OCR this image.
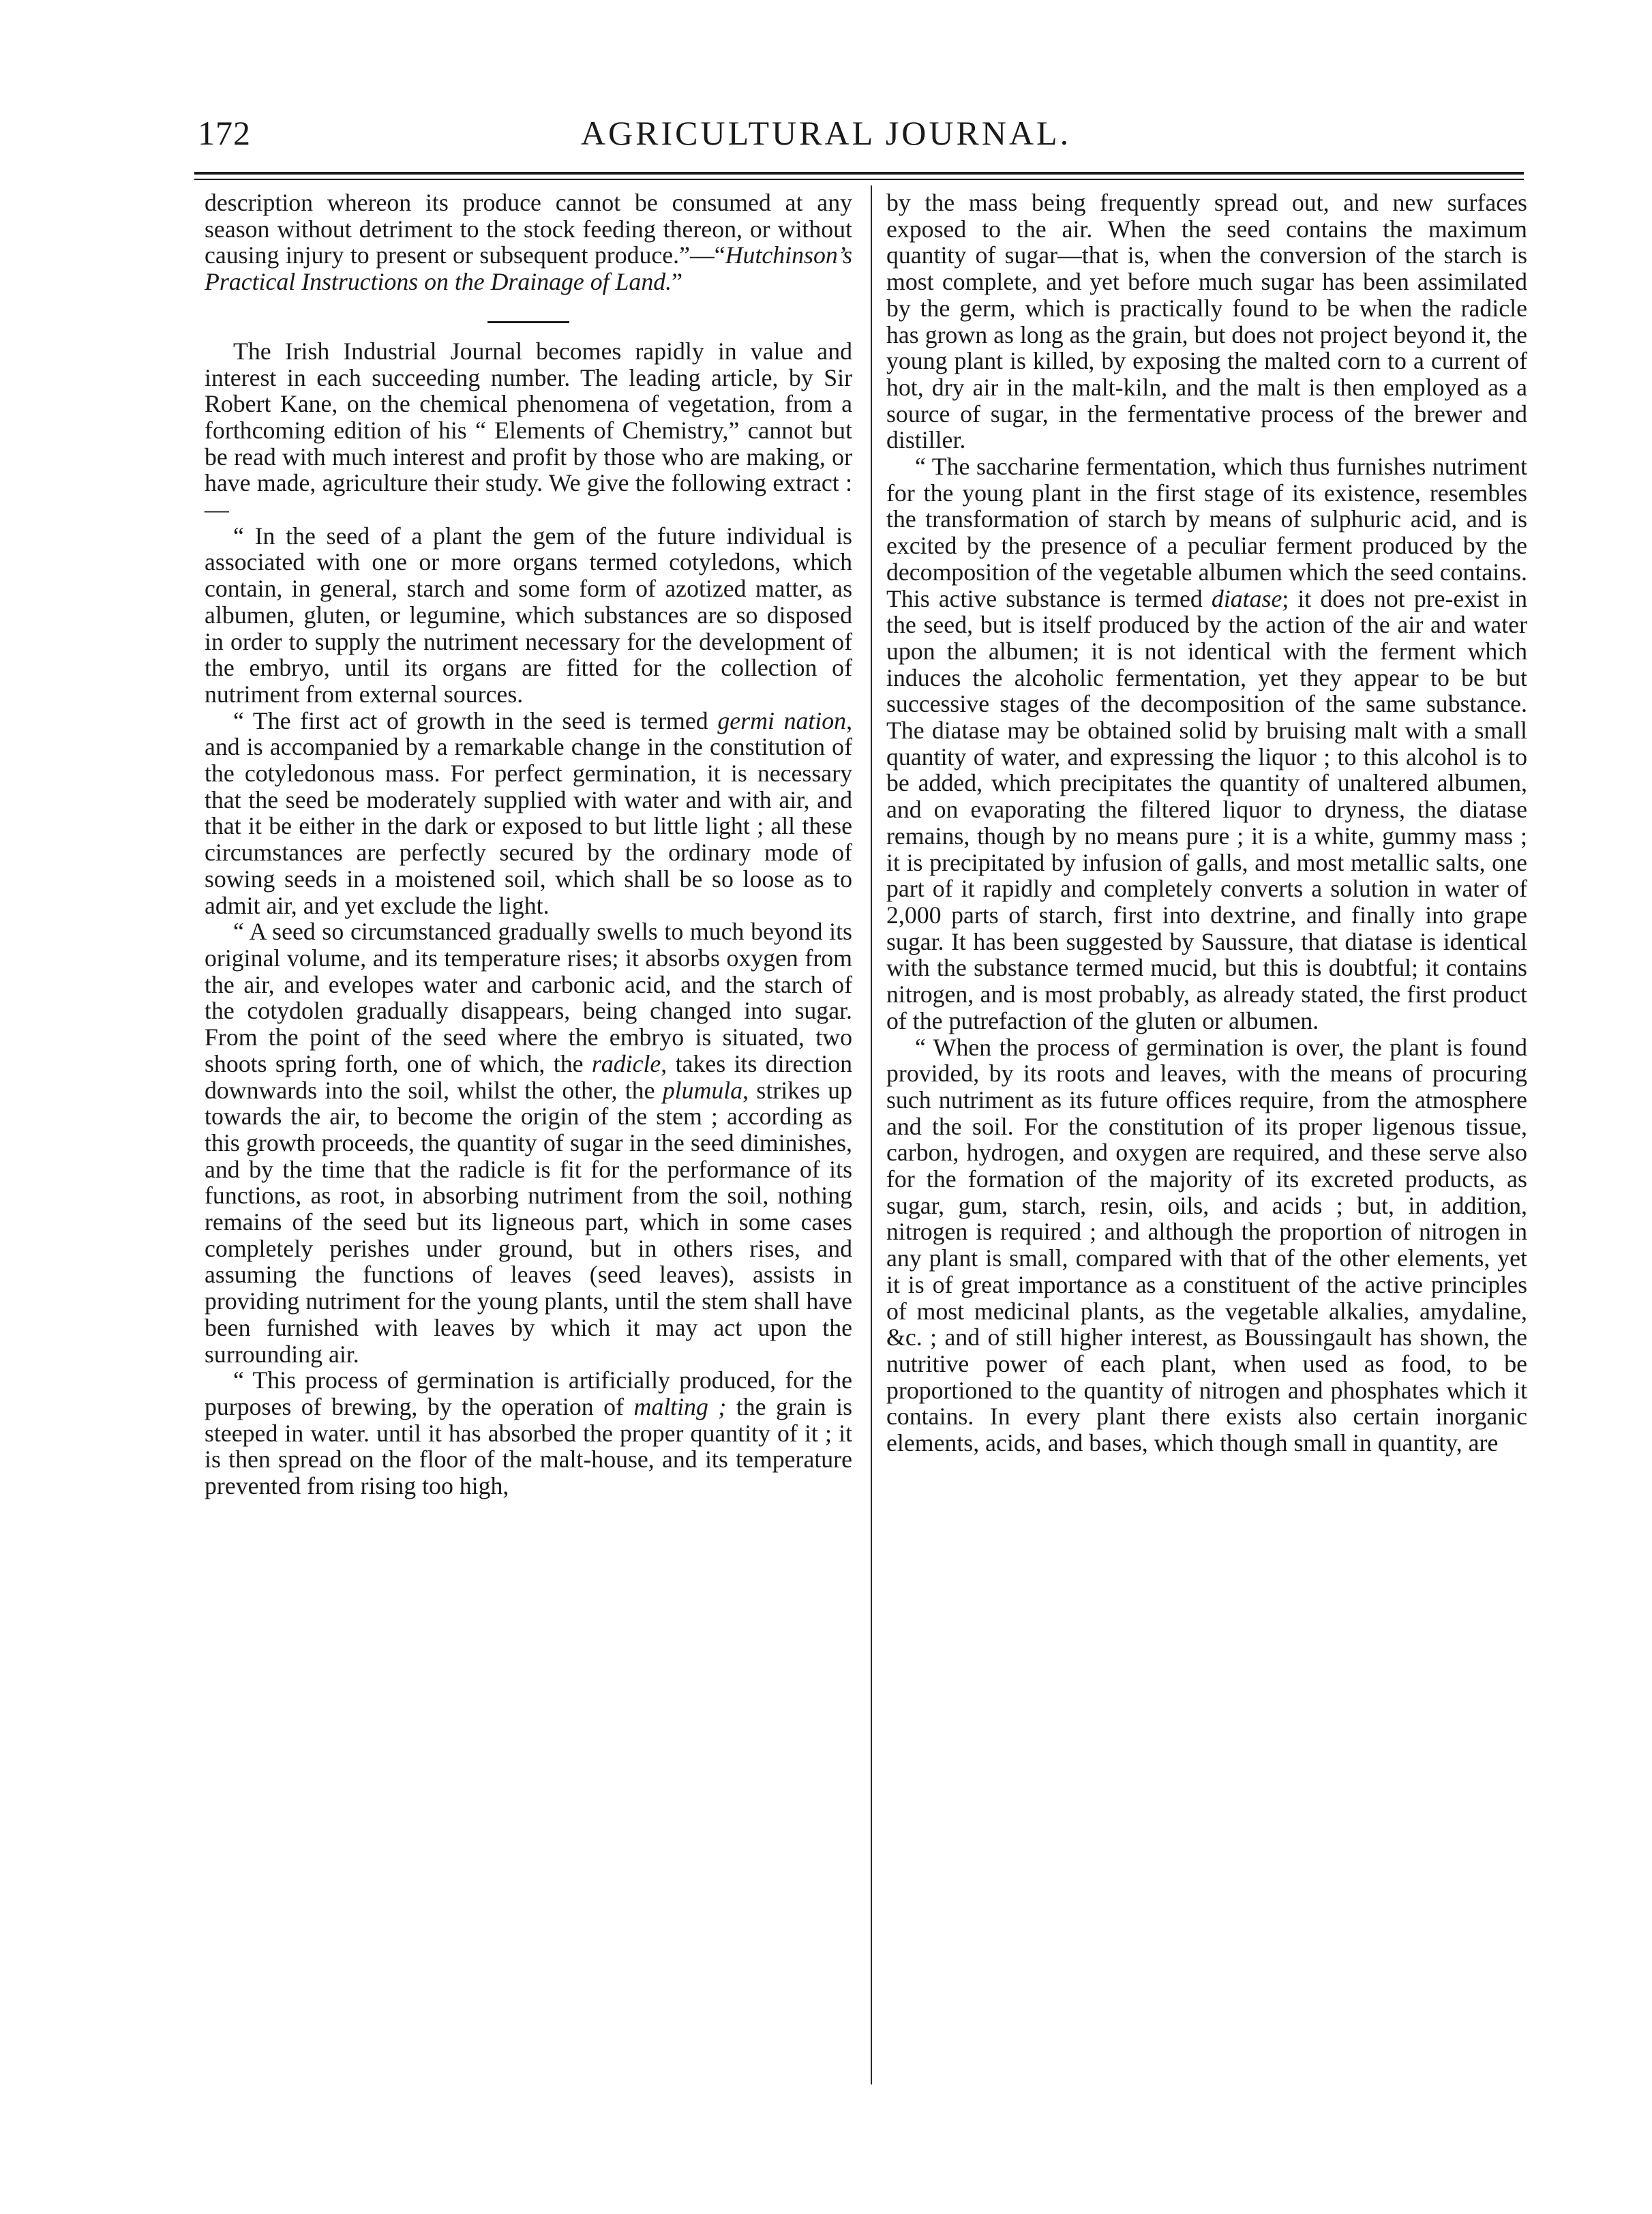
172	AGRICULTURAL JOURNAL.

description whereon its produce cannot be consumed at any season without detriment to the stock feeding thereon, or without causing injury to present or subsequent produce.”—“Hutchinson’s Practical Instructions on the Drainage of Land.”

The Irish Industrial Journal becomes rapidly in value and interest in each succeeding number. The leading article, by Sir Robert Kane, on the chemical phenomena of vegetation, from a forthcoming edition of his “ Elements of Chemistry,” cannot but be read with much interest and profit by those who are making, or have made, agriculture their study. We give the following extract :—

“ In the seed of a plant the gem of the future individual is associated with one or more organs termed cotyledons, which contain, in general, starch and some form of azotized matter, as albumen, gluten, or legumine, which substances are so disposed in order to supply the nutriment necessary for the development of the embryo, until its organs are fitted for the collection of nutriment from external sources.

“ The first act of growth in the seed is termed germi nation, and is accompanied by a remarkable change in the constitution of the cotyledonous mass. For perfect germination, it is necessary that the seed be moderately supplied with water and with air, and that it be either in the dark or exposed to but little light ; all these circumstances are perfectly secured by the ordinary mode of sowing seeds in a moistened soil, which shall be so loose as to admit air, and yet exclude the light.

“ A seed so circumstanced gradually swells to much beyond its original volume, and its temperature rises; it absorbs oxygen from the air, and evelopes water and carbonic acid, and the starch of the cotydolen gradually disappears, being changed into sugar. From the point of the seed where the embryo is situated, two shoots spring forth, one of which, the radicle, takes its direction downwards into the soil, whilst the other, the plumula, strikes up towards the air, to become the origin of the stem ; according as this growth proceeds, the quantity of sugar in the seed diminishes, and by the time that the radicle is fit for the performance of its functions, as root, in absorbing nutriment from the soil, nothing remains of the seed but its ligneous part, which in some cases completely perishes under ground, but in others rises, and assuming the functions of leaves (seed leaves), assists in providing nutriment for the young plants, until the stem shall have been furnished with leaves by which it may act upon the surrounding air.

“ This process of germination is artificially produced, for the purposes of brewing, by the operation of malting ; the grain is steeped in water. until it has absorbed the proper quantity of it ; it is then spread on the floor of the malt-house, and its temperature prevented from rising too high,

by the mass being frequently spread out, and new surfaces exposed to the air. When the seed contains the maximum quantity of sugar—that is, when the conversion of the starch is most complete, and yet before much sugar has been assimilated by the germ, which is practically found to be when the radicle has grown as long as the grain, but does not project beyond it, the young plant is killed, by exposing the malted corn to a current of hot, dry air in the malt-kiln, and the malt is then employed as a source of sugar, in the fermentative process of the brewer and distiller.

“ The saccharine fermentation, which thus furnishes nutriment for the young plant in the first stage of its existence, resembles the transformation of starch by means of sulphuric acid, and is excited by the presence of a peculiar ferment produced by the decomposition of the vegetable albumen which the seed contains. This active substance is termed diatase; it does not pre-exist in the seed, but is itself produced by the action of the air and water upon the albumen; it is not identical with the ferment which induces the alcoholic fermentation, yet they appear to be but successive stages of the decomposition of the same substance. The diatase may be obtained solid by bruising malt with a small quantity of water, and expressing the liquor ; to this alcohol is to be added, which precipitates the quantity of unaltered albumen, and on evaporating the filtered liquor to dryness, the diatase remains, though by no means pure ; it is a white, gummy mass ; it is precipitated by infusion of galls, and most metallic salts, one part of it rapidly and completely converts a solution in water of 2,000 parts of starch, first into dextrine, and finally into grape sugar. It has been suggested by Saussure, that diatase is identical with the substance termed mucid, but this is doubtful; it contains nitrogen, and is most probably, as already stated, the first product of the putrefaction of the gluten or albumen.

“ When the process of germination is over, the plant is found provided, by its roots and leaves, with the means of procuring such nutriment as its future offices require, from the atmosphere and the soil. For the constitution of its proper ligenous tissue, carbon, hydrogen, and oxygen are required, and these serve also for the formation of the majority of its excreted products, as sugar, gum, starch, resin, oils, and acids ; but, in addition, nitrogen is required ; and although the proportion of nitrogen in any plant is small, compared with that of the other elements, yet it is of great importance as a constituent of the active principles of most medicinal plants, as the vegetable alkalies, amydaline, &c. ; and of still higher interest, as Boussingault has shown, the nutritive power of each plant, when used as food, to be proportioned to the quantity of nitrogen and phosphates which it contains. In every plant there exists also certain inorganic elements, acids, and bases, which though small in quantity, are
